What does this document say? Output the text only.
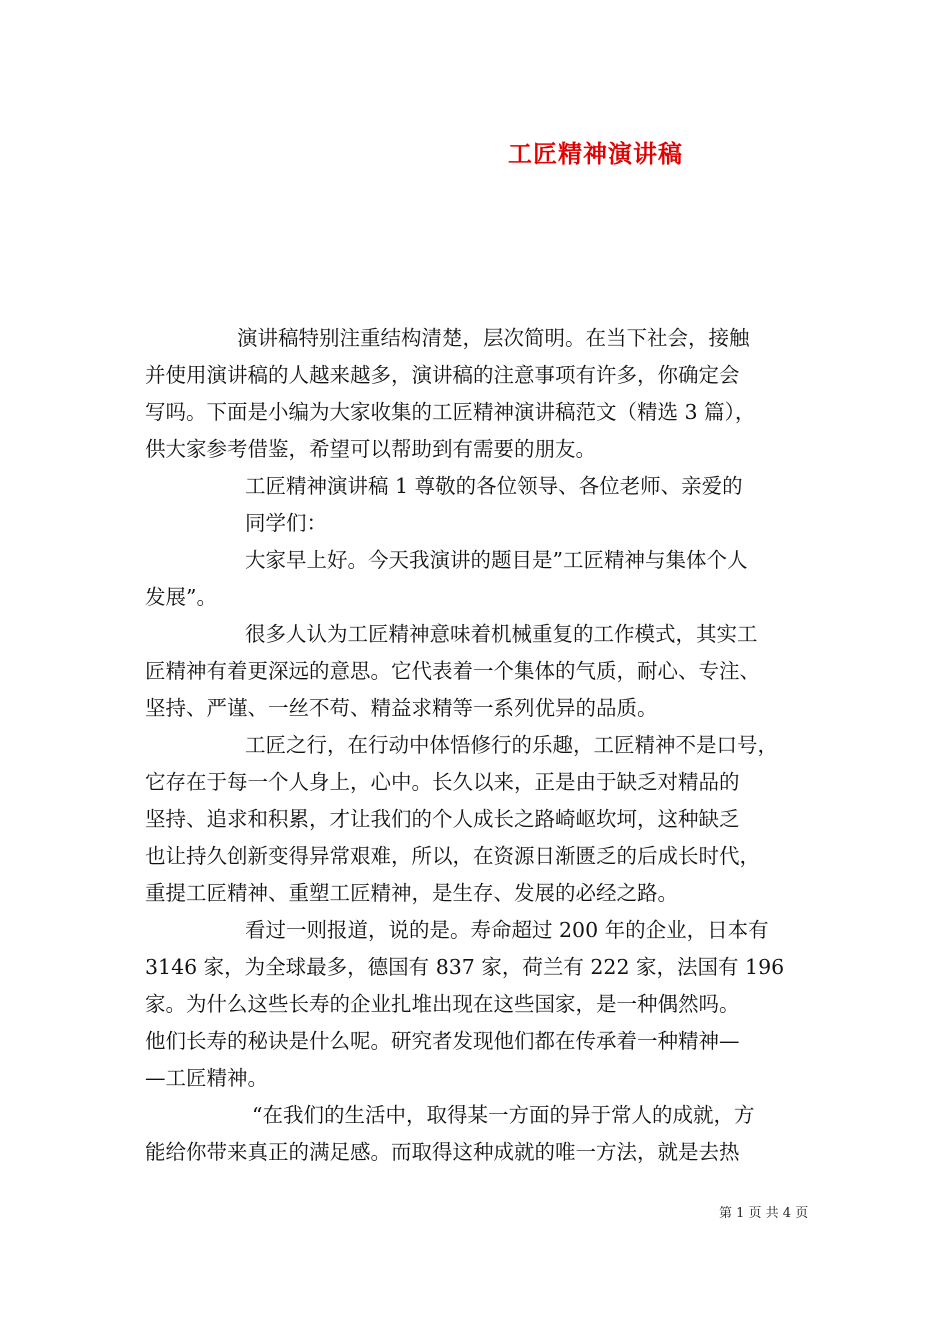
工匠精神演讲稿
演讲稿特别注重结构清楚，层次简明。在当下社会，接触
并使用演讲稿的人越来越多，演讲稿的注意事项有许多，你确定会
写吗。下面是小编为大家收集的工匠精神演讲稿范文（精选 3 篇），
供大家参考借鉴，希望可以帮助到有需要的朋友。
工匠精神演讲稿 1 尊敬的各位领导、各位老师、亲爱的
同学们：
大家早上好。今天我演讲的题目是”工匠精神与集体个人
发展”。
很多人认为工匠精神意味着机械重复的工作模式，其实工
匠精神有着更深远的意思。它代表着一个集体的气质，耐心、专注、
坚持、严谨、一丝不苟、精益求精等一系列优异的品质。
工匠之行，在行动中体悟修行的乐趣，工匠精神不是口号，
它存在于每一个人身上，心中。长久以来，正是由于缺乏对精品的
坚持、追求和积累，才让我们的个人成长之路崎岖坎坷，这种缺乏
也让持久创新变得异常艰难，所以，在资源日渐匮乏的后成长时代，
重提工匠精神、重塑工匠精神，是生存、发展的必经之路。
看过一则报道，说的是。寿命超过 200 年的企业，日本有
3146 家，为全球最多，德国有 837 家，荷兰有 222 家，法国有 196
家。为什么这些长寿的企业扎堆出现在这些国家，是一种偶然吗。
他们长寿的秘诀是什么呢。研究者发现他们都在传承着一种精神—
—工匠精神。
“在我们的生活中，取得某一方面的异于常人的成就，方
能给你带来真正的满足感。而取得这种成就的唯一方法，就是去热
第 1 页 共 4 页
